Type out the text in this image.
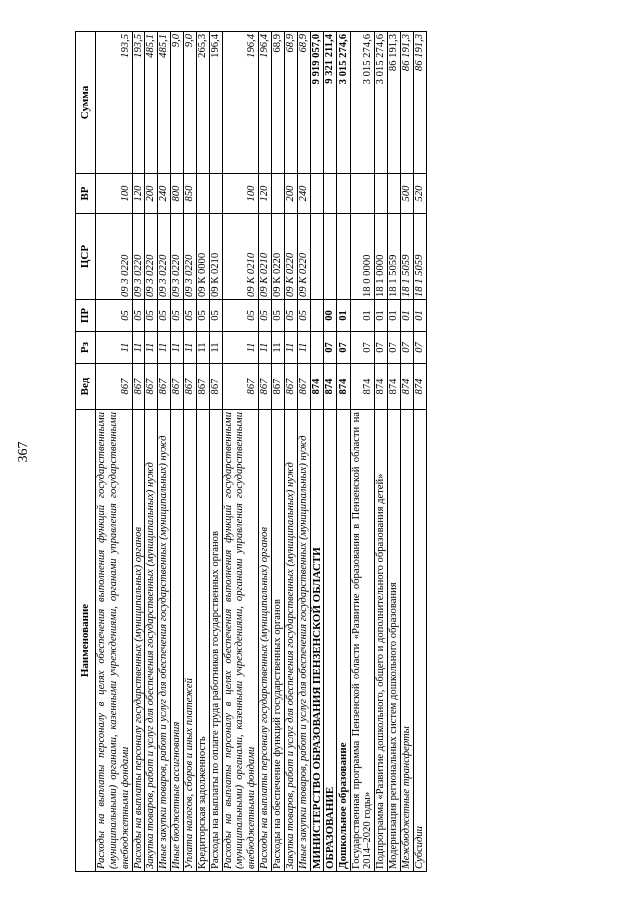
367
Наименование	Вед	Рз	ПР	ЦСР	ВР	Сумма
Расходы на выплаты персоналу в целях обеспечения выполнения функций государственными (муниципальными) органами, казенными учреждениями, органами управления государственными внебюджетными фондами	867	11	05	09 3 0220	100	193,5
Расходы на выплаты персоналу государственных (муниципальных) органов	867	11	05	09 3 0220	120	193,5
Закупка товаров, работ и услуг для обеспечения государственных (муниципальных) нужд	867	11	05	09 3 0220	200	485,1
Иные закупки товаров, работ и услуг для обеспечения государственных (муниципальных) нужд	867	11	05	09 3 0220	240	485,1
Иные бюджетные ассигнования	867	11	05	09 3 0220	800	9,0
Уплата налогов, сборов и иных платежей	867	11	05	09 3 0220	850	9,0
Кредиторская задолженность	867	11	05	09 К 0000		265,3
Расходы на выплаты по оплате труда работников государственных органов	867	11	05	09 К 0210		196,4
Расходы на выплаты персоналу в целях обеспечения выполнения функций государственными (муниципальными) органами, казенными учреждениями, органами управления государственными внебюджетными фондами	867	11	05	09 К 0210	100	196,4
Расходы на выплаты персоналу государственных (муниципальных) органов	867	11	05	09 К 0210	120	196,4
Расходы на обеспечение функций государственных органов	867	11	05	09 К 0220		68,9
Закупка товаров, работ и услуг для обеспечения государственных (муниципальных) нужд	867	11	05	09 К 0220	200	68,9
Иные закупки товаров, работ и услуг для обеспечения государственных (муниципальных) нужд	867	11	05	09 К 0220	240	68,9
МИНИСТЕРСТВО ОБРАЗОВАНИЯ ПЕНЗЕНСКОЙ ОБЛАСТИ	874					9 919 057,0
ОБРАЗОВАНИЕ	874	07	00			9 321 211,4
Дошкольное образование	874	07	01			3 015 274,6
Государственная программа Пензенской области «Развитие образования в Пензенской области на 2014–2020 годы»	874	07	01	18 0 0000		3 015 274,6
Подпрограмма «Развитие дошкольного, общего и дополнительного образования детей»	874	07	01	18 1 0000		3 015 274,6
Модернизация региональных систем дошкольного образования	874	07	01	18 1 5059		86 191,3
Межбюджетные трансферты	874	07	01	18 1 5059	500	86 191,3
Субсидии	874	07	01	18 1 5059	520	86 191,3
